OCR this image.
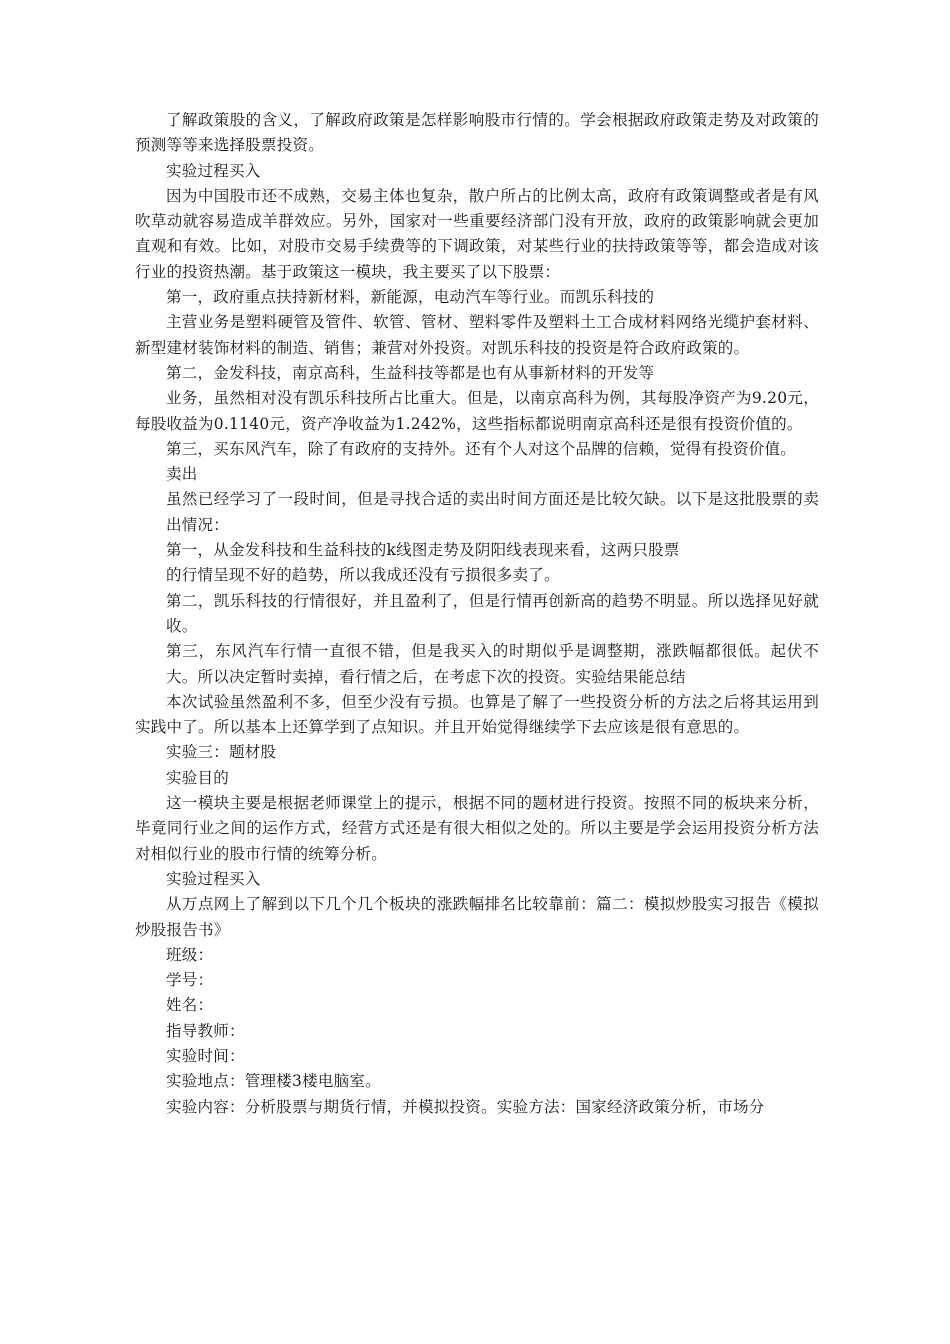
了解政策股的含义，了解政府政策是怎样影响股市行情的。学会根据政府政策走势及对政策的预测等等来选择股票投资。

实验过程买入

因为中国股市还不成熟，交易主体也复杂，散户所占的比例太高，政府有政策调整或者是有风吹草动就容易造成羊群效应。另外，国家对一些重要经济部门没有开放，政府的政策影响就会更加直观和有效。比如，对股市交易手续费等的下调政策，对某些行业的扶持政策等等，都会造成对该行业的投资热潮。基于政策这一模块，我主要买了以下股票：

第一，政府重点扶持新材料，新能源，电动汽车等行业。而凯乐科技的

主营业务是塑料硬管及管件、软管、管材、塑料零件及塑料土工合成材料网络光缆护套材料、新型建材装饰材料的制造、销售；兼营对外投资。对凯乐科技的投资是符合政府政策的。

第二，金发科技，南京高科，生益科技等都是也有从事新材料的开发等

业务，虽然相对没有凯乐科技所占比重大。但是，以南京高科为例，其每股净资产为9.20元，每股收益为0.1140元，资产净收益为1.242%，这些指标都说明南京高科还是很有投资价值的。

第三，买东风汽车，除了有政府的支持外。还有个人对这个品牌的信赖，觉得有投资价值。

卖出

虽然已经学习了一段时间，但是寻找合适的卖出时间方面还是比较欠缺。以下是这批股票的卖出情况：

第一，从金发科技和生益科技的k线图走势及阴阳线表现来看，这两只股票

的行情呈现不好的趋势，所以我成还没有亏损很多卖了。

第二，凯乐科技的行情很好，并且盈利了，但是行情再创新高的趋势不明显。所以选择见好就收。

第三，东风汽车行情一直很不错，但是我买入的时期似乎是调整期，涨跌幅都很低。起伏不大。所以决定暂时卖掉，看行情之后，在考虑下次的投资。实验结果能总结

本次试验虽然盈利不多，但至少没有亏损。也算是了解了一些投资分析的方法之后将其运用到实践中了。所以基本上还算学到了点知识。并且开始觉得继续学下去应该是很有意思的。

实验三：题材股

实验目的

这一模块主要是根据老师课堂上的提示，根据不同的题材进行投资。按照不同的板块来分析，毕竟同行业之间的运作方式，经营方式还是有很大相似之处的。所以主要是学会运用投资分析方法对相似行业的股市行情的统筹分析。

实验过程买入

从万点网上了解到以下几个几个板块的涨跌幅排名比较靠前：篇二：模拟炒股实习报告《模拟炒股报告书》

班级：

学号：

姓名：

指导教师：

实验时间：

实验地点：管理楼3楼电脑室。

实验内容：分析股票与期货行情，并模拟投资。实验方法：国家经济政策分析，市场分
